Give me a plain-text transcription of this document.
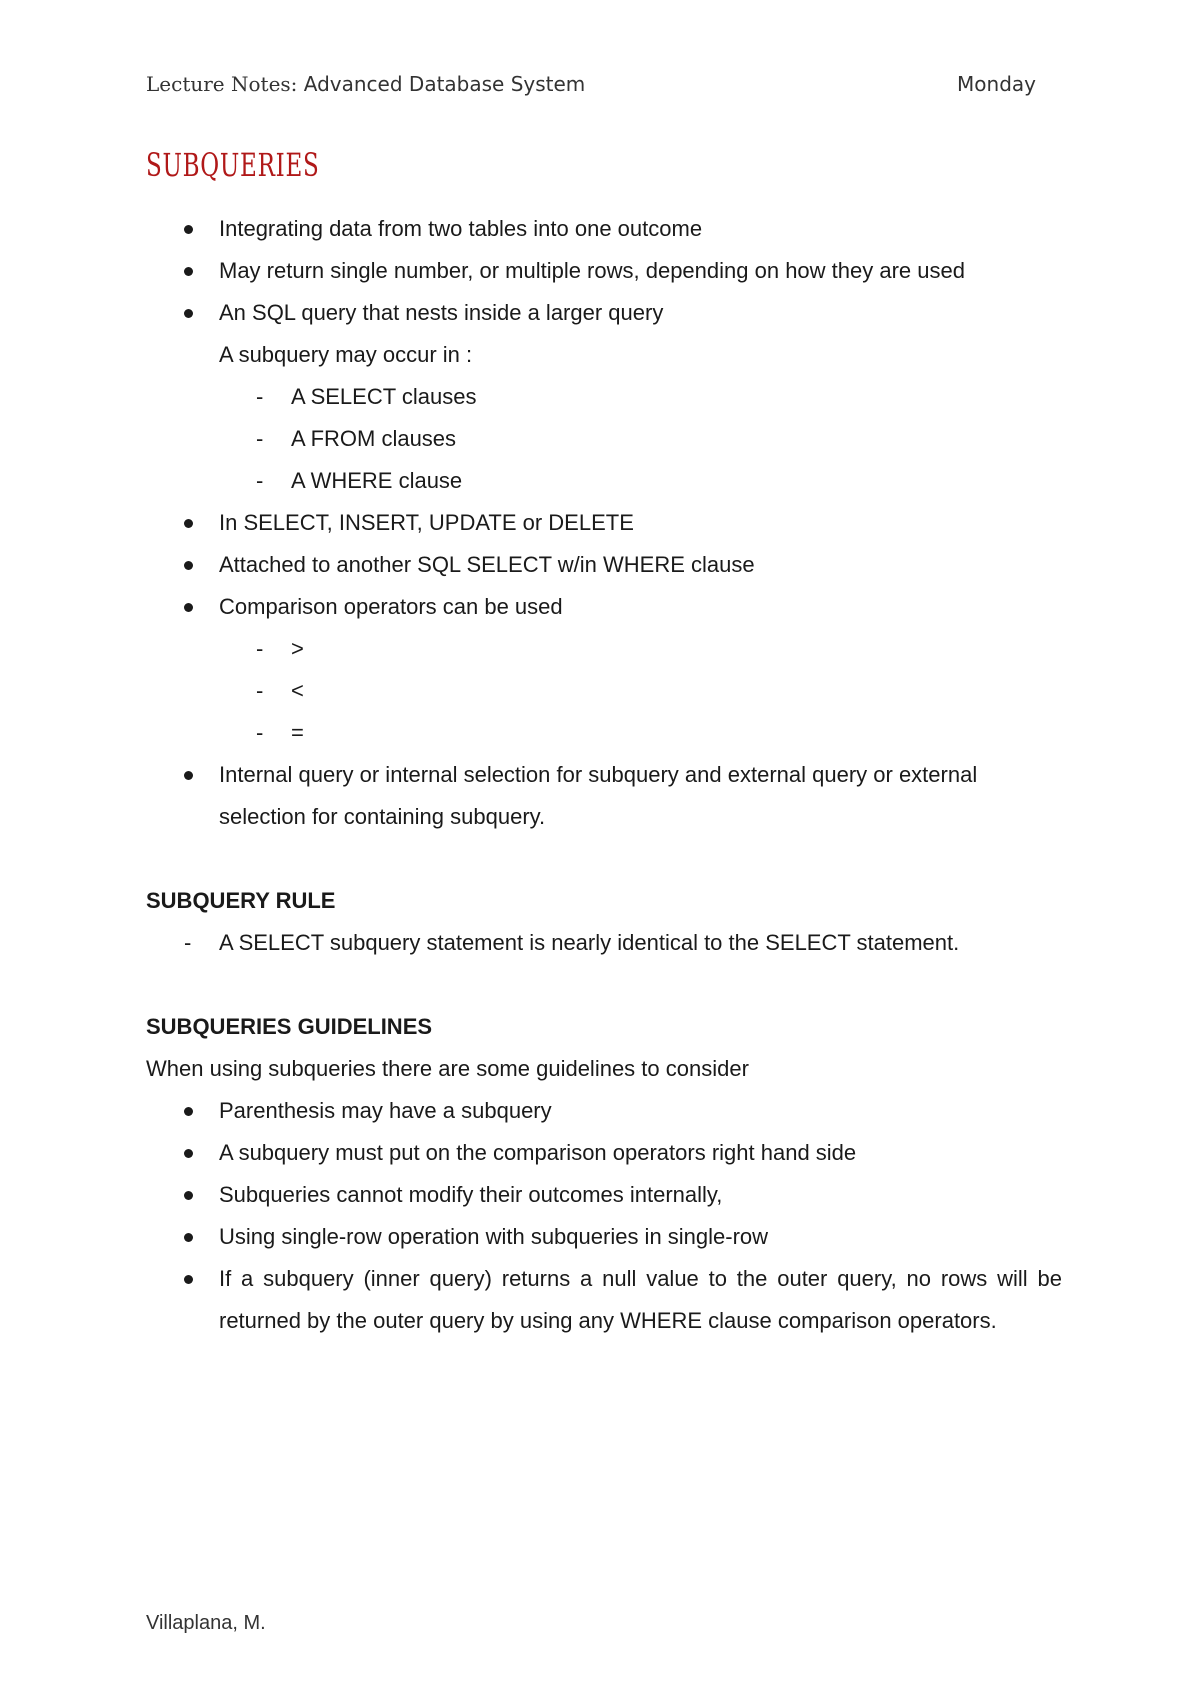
Lecture Notes: Advanced Database System	Monday
SUBQUERIES
Integrating data from two tables into one outcome
May return single number, or multiple rows, depending on how they are used
An SQL query that nests inside a larger query
A subquery may occur in :
- A SELECT clauses
- A FROM clauses
- A WHERE clause
In SELECT, INSERT, UPDATE or DELETE
Attached to another SQL SELECT w/in WHERE clause
Comparison operators can be used
- >
- <
- =
Internal query or internal selection for subquery and external query or external selection for containing subquery.
SUBQUERY RULE
- A SELECT subquery statement is nearly identical to the SELECT statement.
SUBQUERIES GUIDELINES

When using subqueries there are some guidelines to consider

Parenthesis may have a subquery
A subquery must put on the comparison operators right hand side
Subqueries cannot modify their outcomes internally,
Using single-row operation with subqueries in single-row
If a subquery (inner query) returns a null value to the outer query, no rows will be returned by the outer query by using any WHERE clause comparison operators.
Villaplana, M.
